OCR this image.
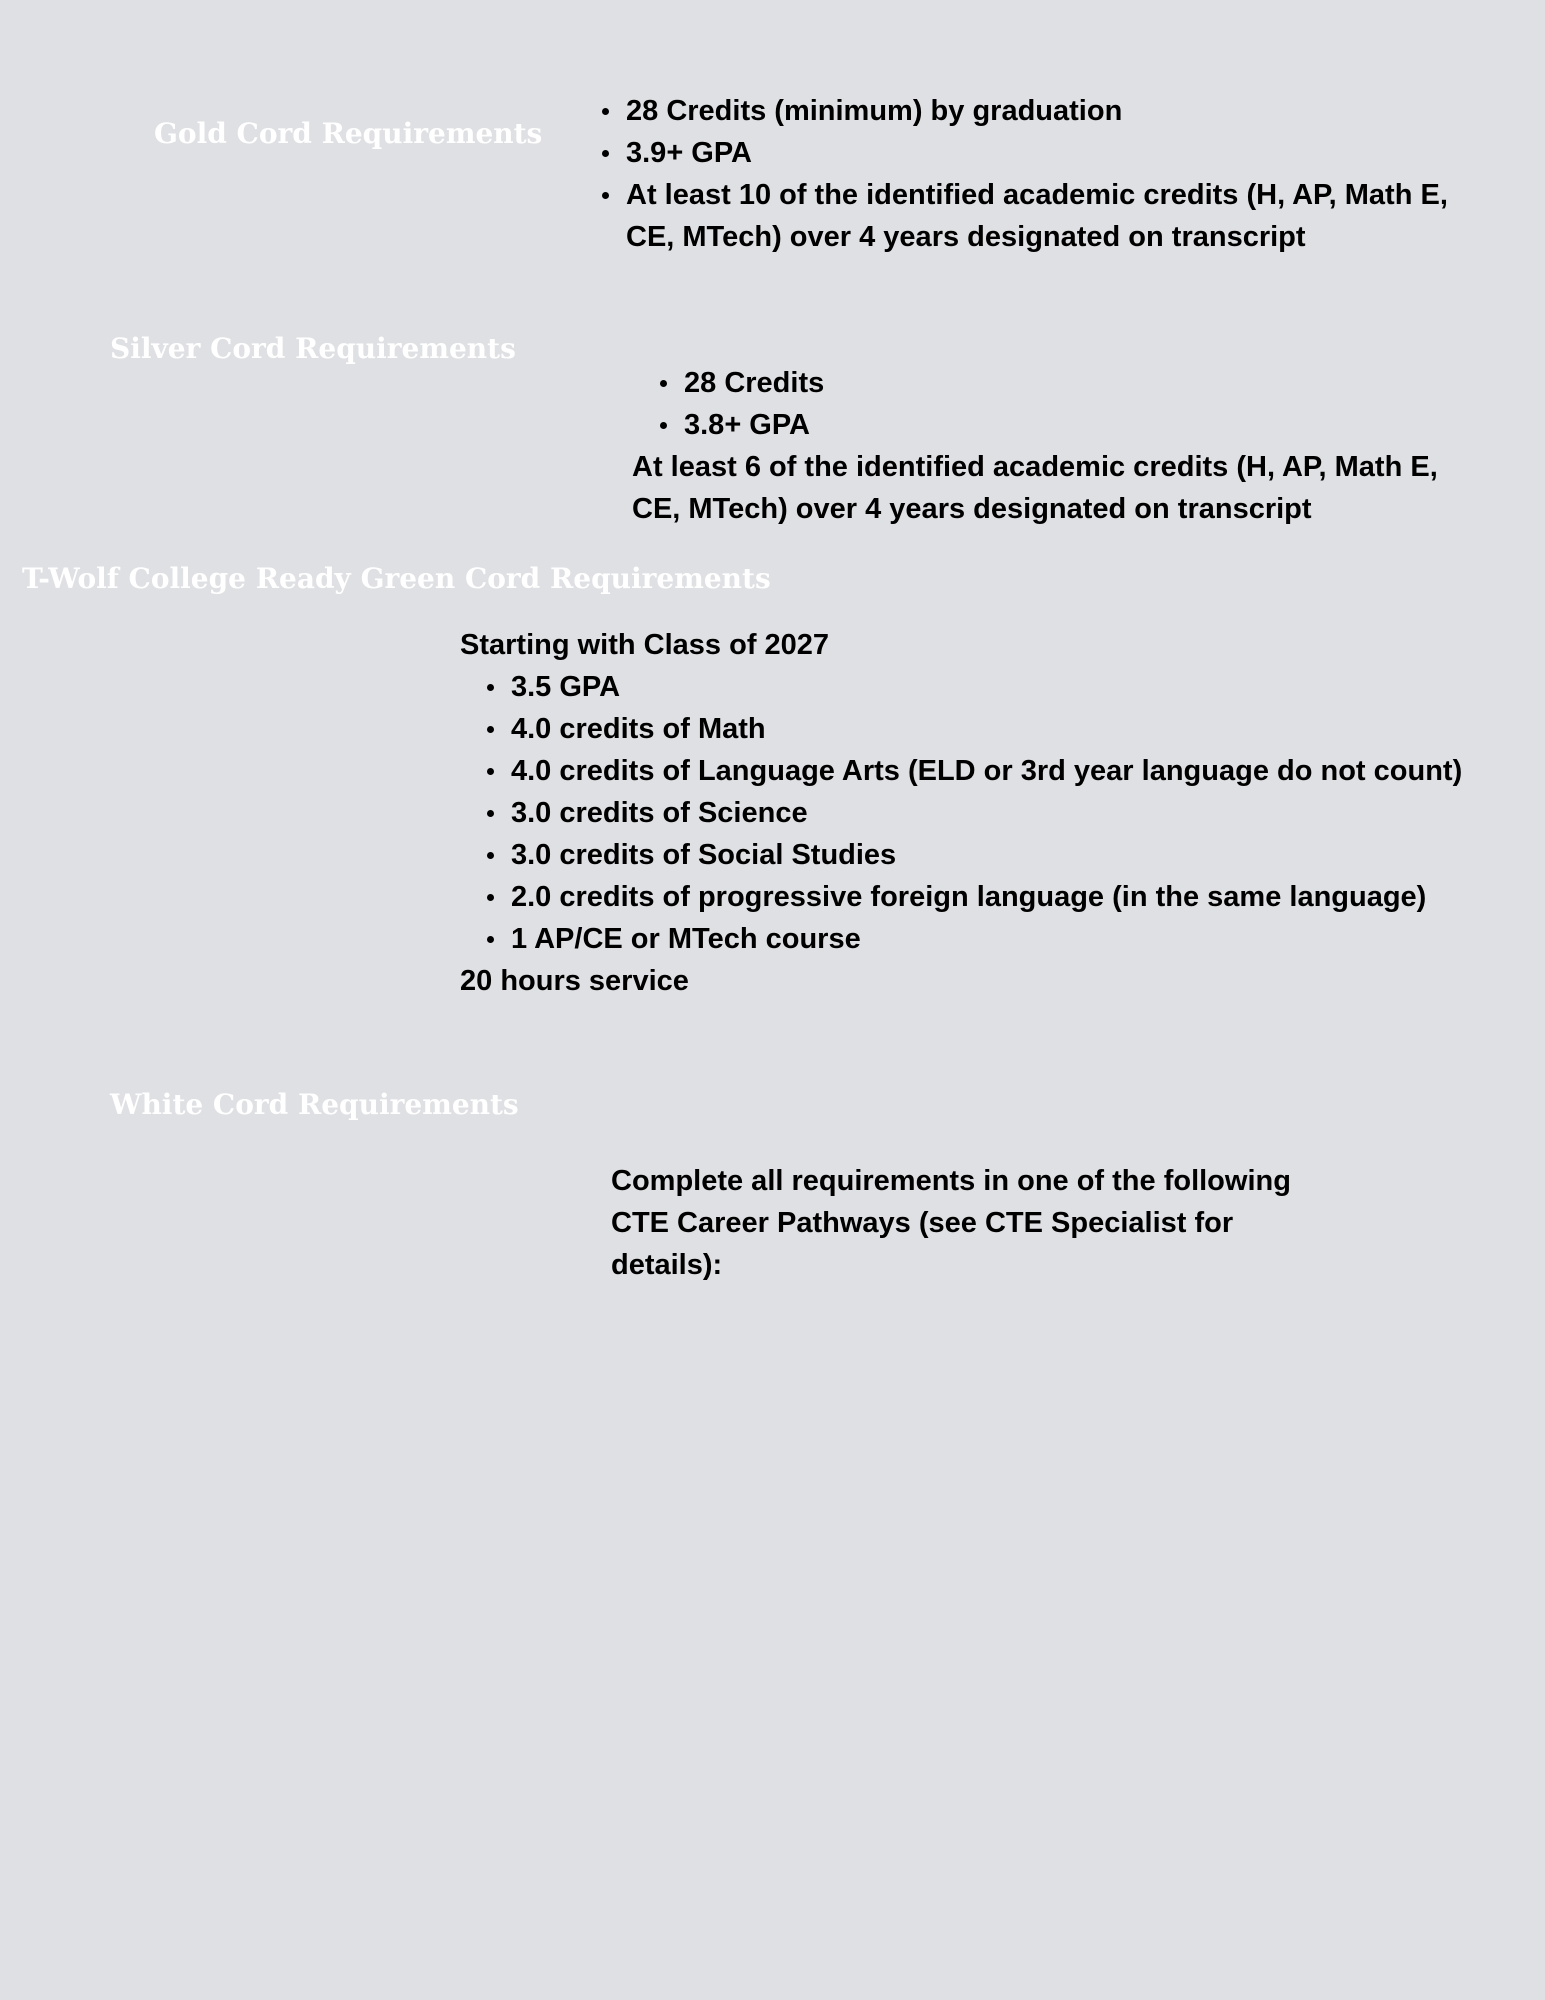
Gold Cord Requirements
28 Credits (minimum) by graduation
3.9+ GPA
At least 10 of the identified academic credits (H, AP, Math E, CE, MTech) over 4 years designated on transcript
Silver Cord Requirements
28 Credits
3.8+ GPA

At least 6 of the identified academic credits (H, AP, Math E, CE, MTech) over 4 years designated on transcript

T-Wolf College Ready Green Cord Requirements

Starting with Class of 2027

3.5 GPA
4.0 credits of Math
4.0 credits of Language Arts (ELD or 3rd year language do not count)
3.0 credits of Science
3.0 credits of Social Studies
2.0 credits of progressive foreign language (in the same language)
1 AP/CE or MTech course

20 hours service

White Cord Requirements

Complete all requirements in one of the following CTE Career Pathways (see CTE Specialist for details):
